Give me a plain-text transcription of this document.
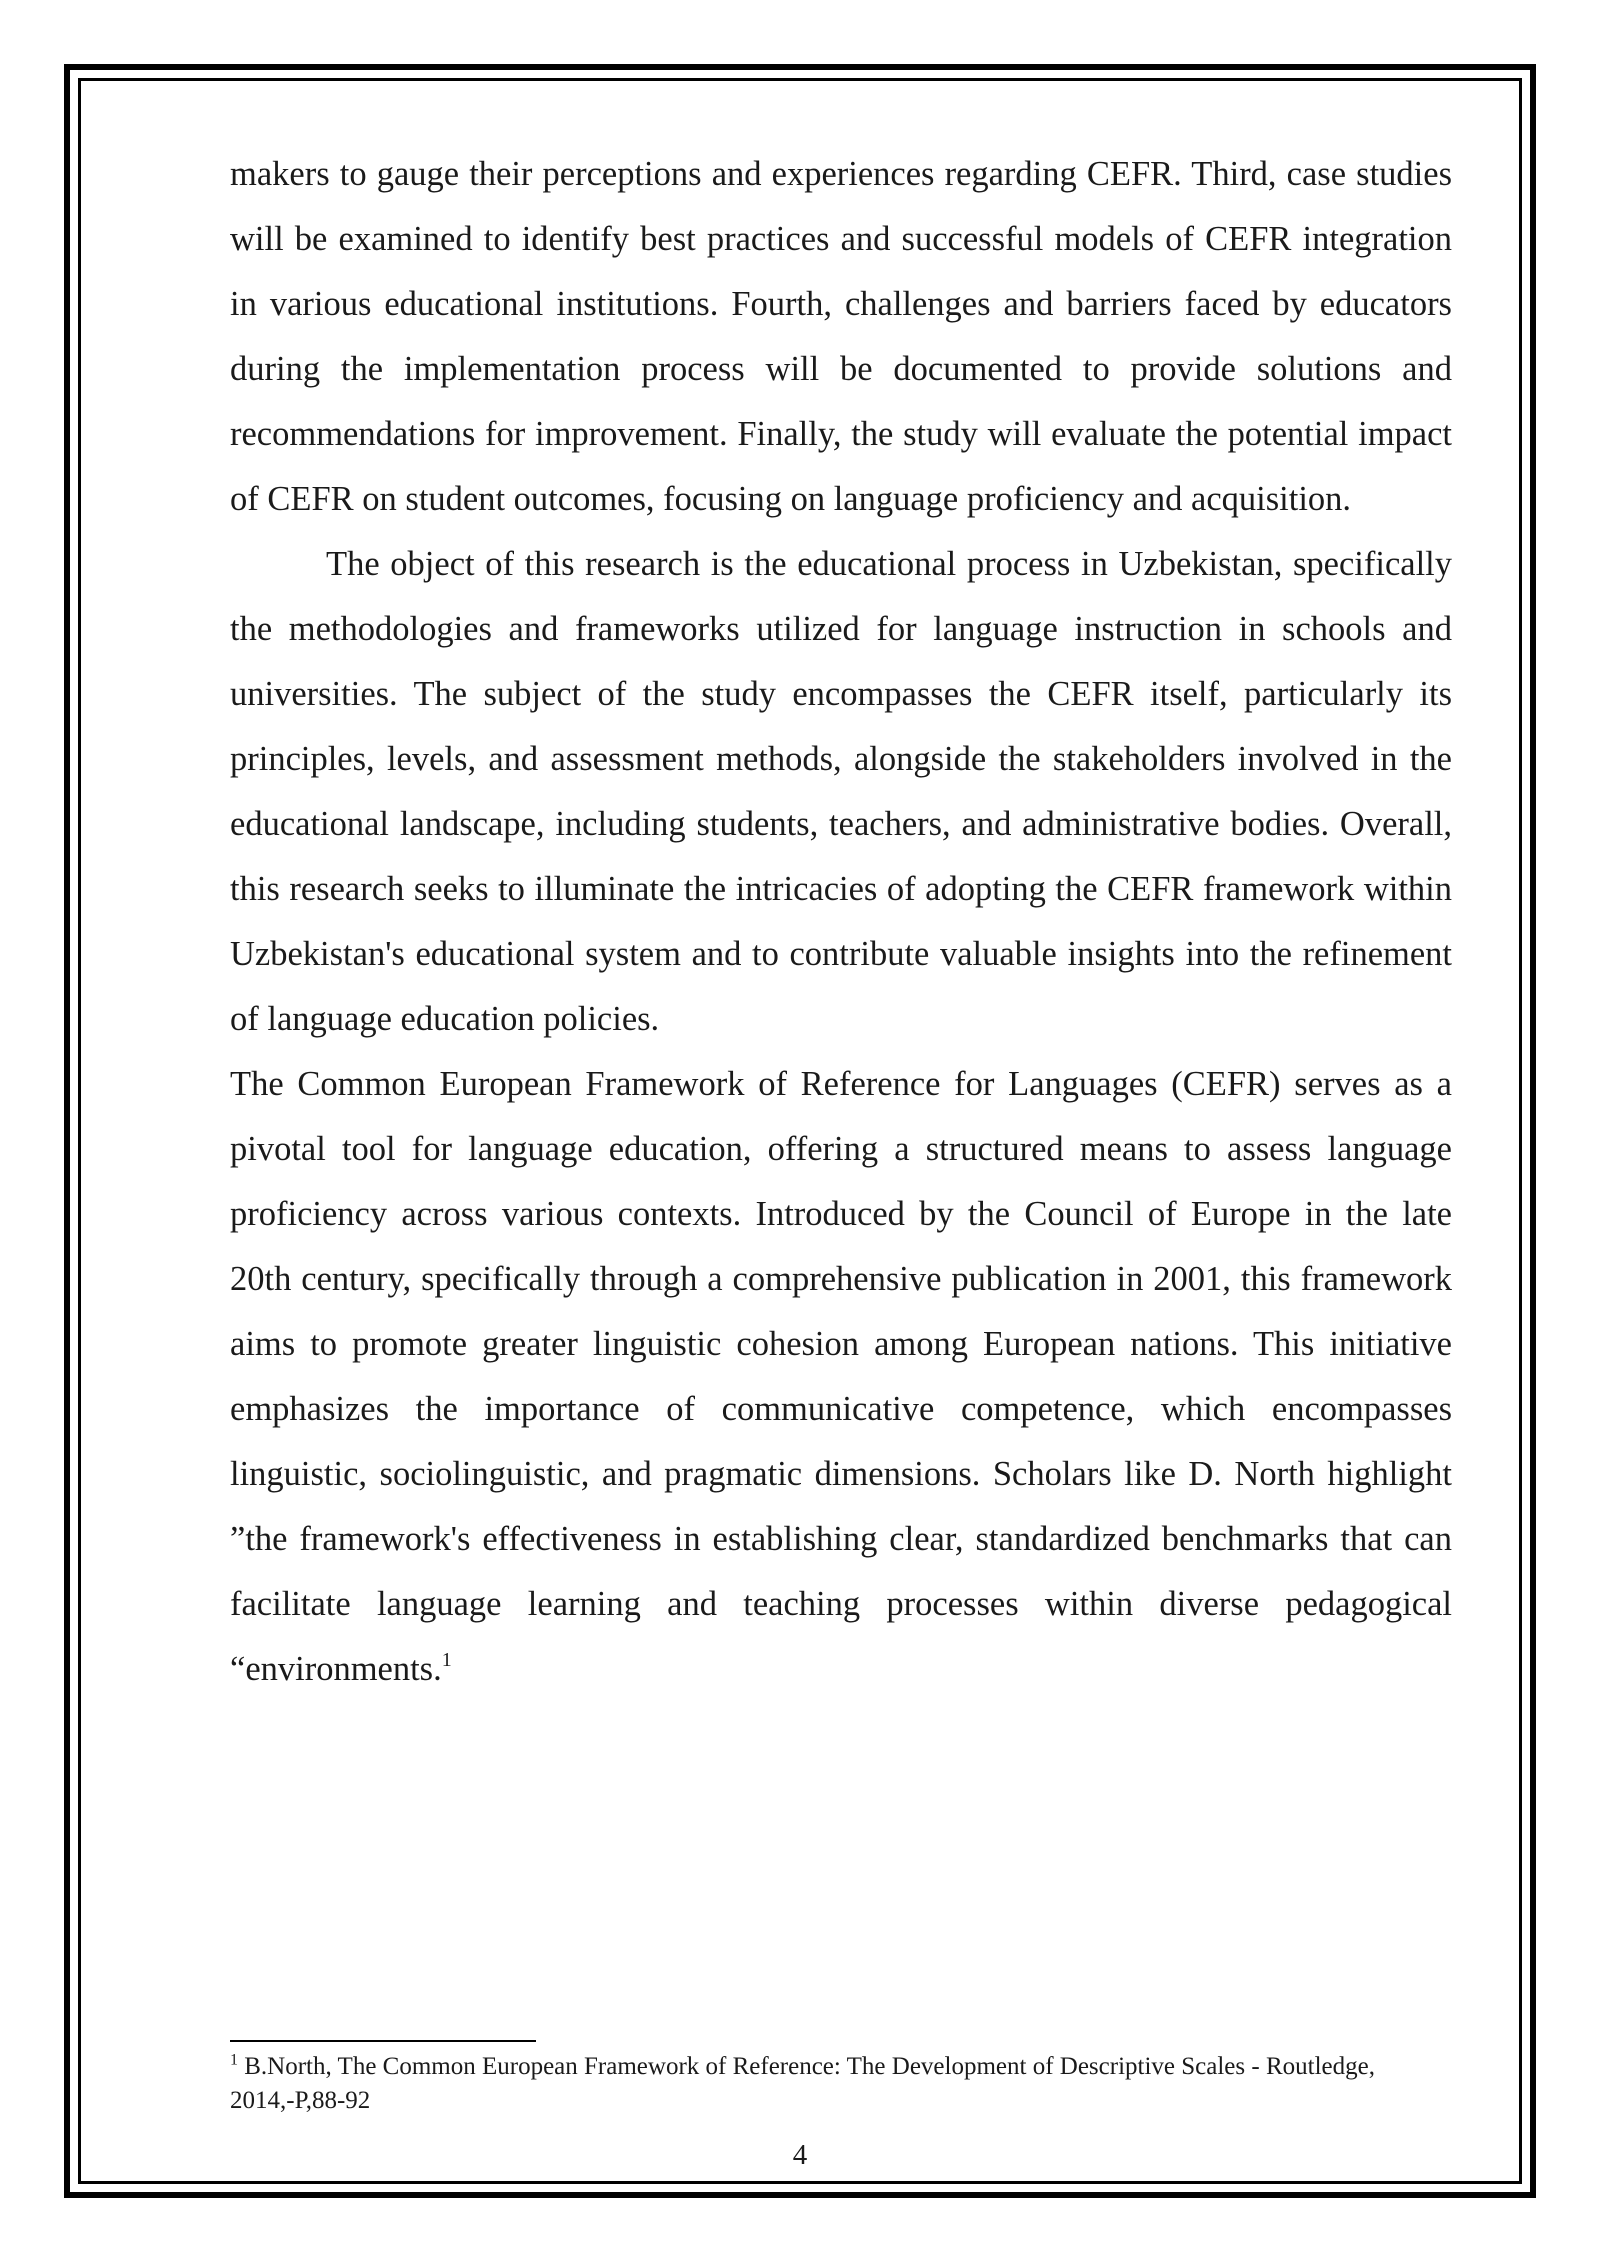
makers to gauge their perceptions and experiences regarding CEFR. Third, case studies will be examined to identify best practices and successful models of CEFR integration in various educational institutions. Fourth, challenges and barriers faced by educators during the implementation process will be documented to provide solutions and recommendations for improvement. Finally, the study will evaluate the potential impact of CEFR on student outcomes, focusing on language proficiency and acquisition.

The object of this research is the educational process in Uzbekistan, specifically the methodologies and frameworks utilized for language instruction in schools and universities. The subject of the study encompasses the CEFR itself, particularly its principles, levels, and assessment methods, alongside the stakeholders involved in the educational landscape, including students, teachers, and administrative bodies. Overall, this research seeks to illuminate the intricacies of adopting the CEFR framework within Uzbekistan's educational system and to contribute valuable insights into the refinement of language education policies.

The Common European Framework of Reference for Languages (CEFR) serves as a pivotal tool for language education, offering a structured means to assess language proficiency across various contexts. Introduced by the Council of Europe in the late 20th century, specifically through a comprehensive publication in 2001, this framework aims to promote greater linguistic cohesion among European nations. This initiative emphasizes the importance of communicative competence, which encompasses linguistic, sociolinguistic, and pragmatic dimensions. Scholars like D. North highlight ”the framework's effectiveness in establishing clear, standardized benchmarks that can facilitate language learning and teaching processes within diverse pedagogical “environments.$^1$

$^1$ B.North, The Common European Framework of Reference: The Development of Descriptive Scales - Routledge, 2014,-P,88-92
4
